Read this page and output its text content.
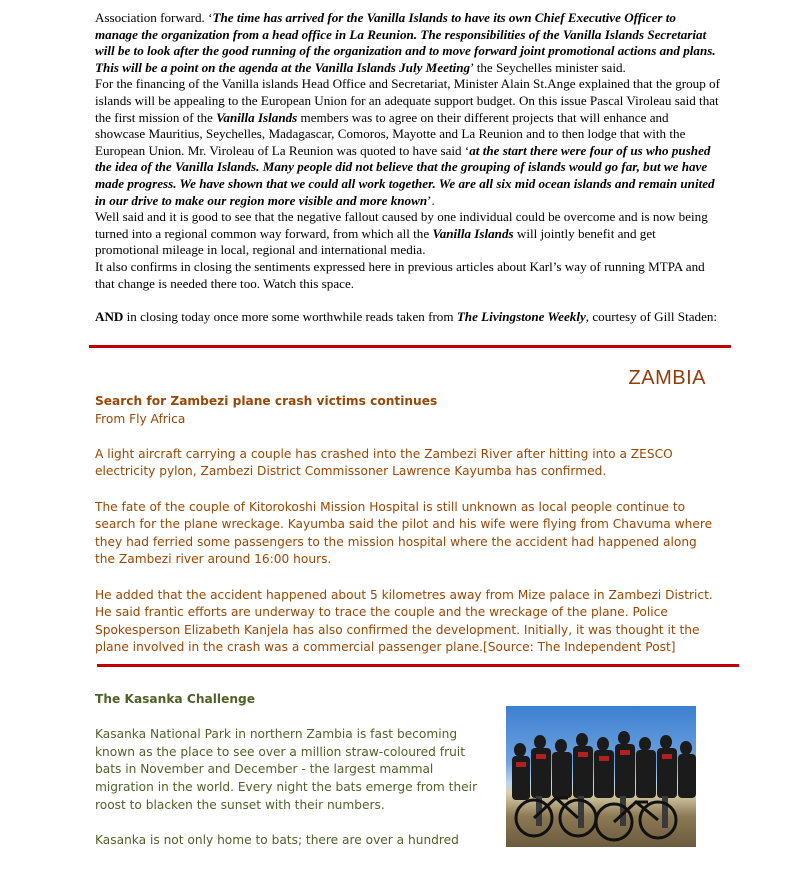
Association forward. ‘The time has arrived for the Vanilla Islands to have its own Chief Executive Officer to manage the organization from a head office in La Reunion. The responsibilities of the Vanilla Islands Secretariat will be to look after the good running of the organization and to move forward joint promotional actions and plans. This will be a point on the agenda at the Vanilla Islands July Meeting’ the Seychelles minister said.

For the financing of the Vanilla islands Head Office and Secretariat, Minister Alain St.Ange explained that the group of islands will be appealing to the European Union for an adequate support budget. On this issue Pascal Viroleau said that the first mission of the Vanilla Islands members was to agree on their different projects that will enhance and showcase Mauritius, Seychelles, Madagascar, Comoros, Mayotte and La Reunion and to then lodge that with the European Union. Mr. Viroleau of La Reunion was quoted to have said ‘at the start there were four of us who pushed the idea of the Vanilla Islands. Many people did not believe that the grouping of islands would go far, but we have made progress. We have shown that we could all work together. We are all six mid ocean islands and remain united in our drive to make our region more visible and more known’.

Well said and it is good to see that the negative fallout caused by one individual could be overcome and is now being turned into a regional common way forward, from which all the Vanilla Islands will jointly benefit and get promotional mileage in local, regional and international media.

It also confirms in closing the sentiments expressed here in previous articles about Karl’s way of running MTPA and that change is needed there too. Watch this space.

AND in closing today once more some worthwhile reads taken from The Livingstone Weekly, courtesy of Gill Staden:

ZAMBIA

Search for Zambezi plane crash victims continues

From Fly Africa

A light aircraft carrying a couple has crashed into the Zambezi River after hitting into a ZESCO electricity pylon, Zambezi District Commissoner Lawrence Kayumba has confirmed.

The fate of the couple of Kitorokoshi Mission Hospital is still unknown as local people continue to search for the plane wreckage. Kayumba said the pilot and his wife were flying from Chavuma where they had ferried some passengers to the mission hospital where the accident had happened along the Zambezi river around 16:00 hours.

He added that the accident happened about 5 kilometres away from Mize palace in Zambezi District. He said frantic efforts are underway to trace the couple and the wreckage of the plane. Police Spokesperson Elizabeth Kanjela has also confirmed the development. Initially, it was thought it the plane involved in the crash was a commercial passenger plane.[Source: The Independent Post]

The Kasanka Challenge

Kasanka National Park in northern Zambia is fast becoming known as the place to see over a million straw-coloured fruit bats in November and December - the largest mammal migration in the world. Every night the bats emerge from their roost to blacken the sunset with their numbers.

Kasanka is not only home to bats; there are over a hundred
